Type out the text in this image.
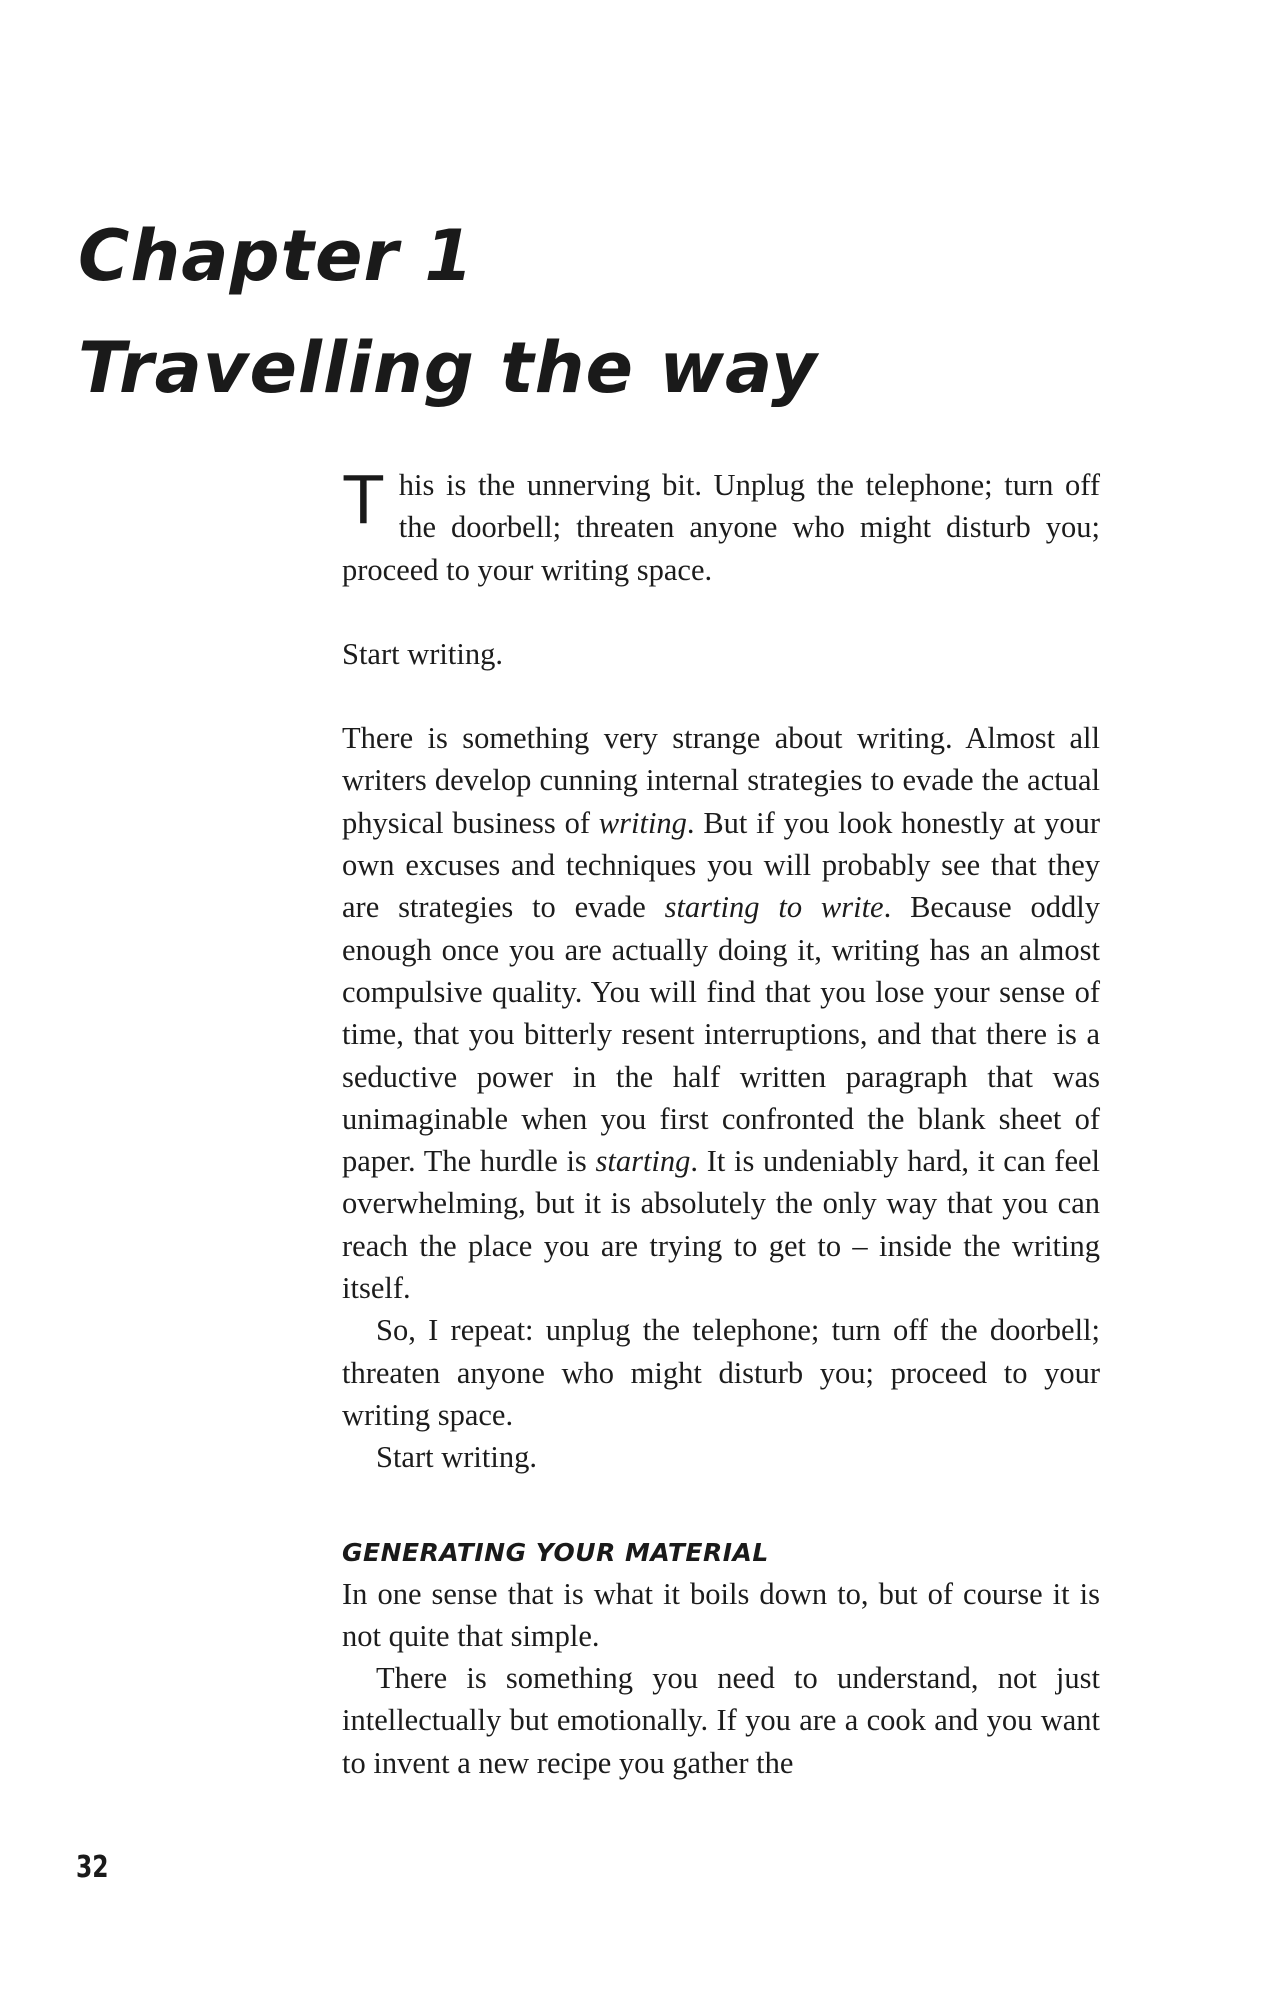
Chapter 1
Travelling the way

This is the unnerving bit. Unplug the telephone; turn off the doorbell; threaten anyone who might disturb you; proceed to your writing space.

Start writing.

There is something very strange about writing. Almost all writers develop cunning internal strategies to evade the actual physical business of writing. But if you look honestly at your own excuses and techniques you will probably see that they are strategies to evade starting to write. Because oddly enough once you are actually doing it, writing has an almost compulsive quality. You will find that you lose your sense of time, that you bitterly resent interruptions, and that there is a seductive power in the half written paragraph that was unimaginable when you first confronted the blank sheet of paper. The hurdle is starting. It is undeniably hard, it can feel overwhelming, but it is absolutely the only way that you can reach the place you are trying to get to – inside the writing itself.

So, I repeat: unplug the telephone; turn off the doorbell; threaten anyone who might disturb you; proceed to your writing space.

Start writing.

GENERATING YOUR MATERIAL

In one sense that is what it boils down to, but of course it is not quite that simple.

There is something you need to understand, not just intellectually but emotionally. If you are a cook and you want to invent a new recipe you gather the

32
